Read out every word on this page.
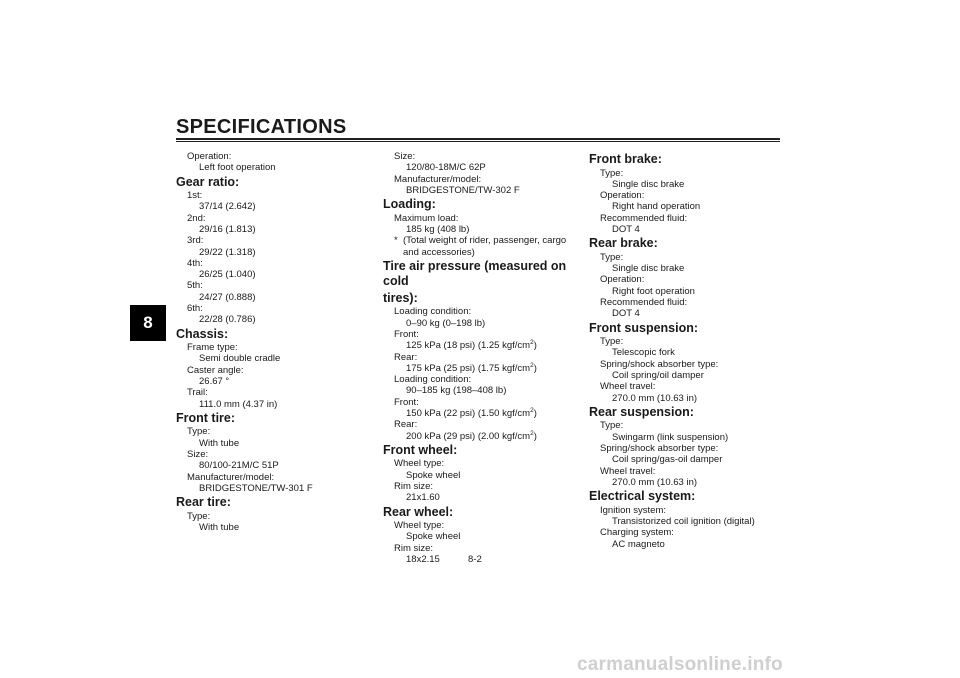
SPECIFICATIONS
8
Operation:
Left foot operation
Gear ratio:
1st:
37/14 (2.642)
2nd:
29/16 (1.813)
3rd:
29/22 (1.318)
4th:
26/25 (1.040)
5th:
24/27 (0.888)
6th:
22/28 (0.786)
Chassis:
Frame type:
Semi double cradle
Caster angle:
26.67 °
Trail:
111.0 mm (4.37 in)
Front tire:
Type:
With tube
Size:
80/100-21M/C 51P
Manufacturer/model:
BRIDGESTONE/TW-301 F
Rear tire:
Type:
With tube
Size:
120/80-18M/C 62P
Manufacturer/model:
BRIDGESTONE/TW-302 F
Loading:
Maximum load:
185 kg (408 lb)
* (Total weight of rider, passenger, cargo
and accessories)
Tire air pressure (measured on cold
tires):
Loading condition:
0–90 kg (0–198 lb)
Front:
125 kPa (18 psi) (1.25 kgf/$cm^2$)
Rear:
175 kPa (25 psi) (1.75 kgf/$cm^2$)
Loading condition:
90–185 kg (198–408 lb)
Front:
150 kPa (22 psi) (1.50 kgf/$cm^2$)
Rear:
200 kPa (29 psi) (2.00 kgf/$cm^2$)
Front wheel:
Wheel type:
Spoke wheel
Rim size:
21x1.60
Rear wheel:
Wheel type:
Spoke wheel
Rim size:
18x2.15
Front brake:
Type:
Single disc brake
Operation:
Right hand operation
Recommended fluid:
DOT 4
Rear brake:
Type:
Single disc brake
Operation:
Right foot operation
Recommended fluid:
DOT 4
Front suspension:
Type:
Telescopic fork
Spring/shock absorber type:
Coil spring/oil damper
Wheel travel:
270.0 mm (10.63 in)
Rear suspension:
Type:
Swingarm (link suspension)
Spring/shock absorber type:
Coil spring/gas-oil damper
Wheel travel:
270.0 mm (10.63 in)
Electrical system:
Ignition system:
Transistorized coil ignition (digital)
Charging system:
AC magneto
8-2
carmanualsonline.info
